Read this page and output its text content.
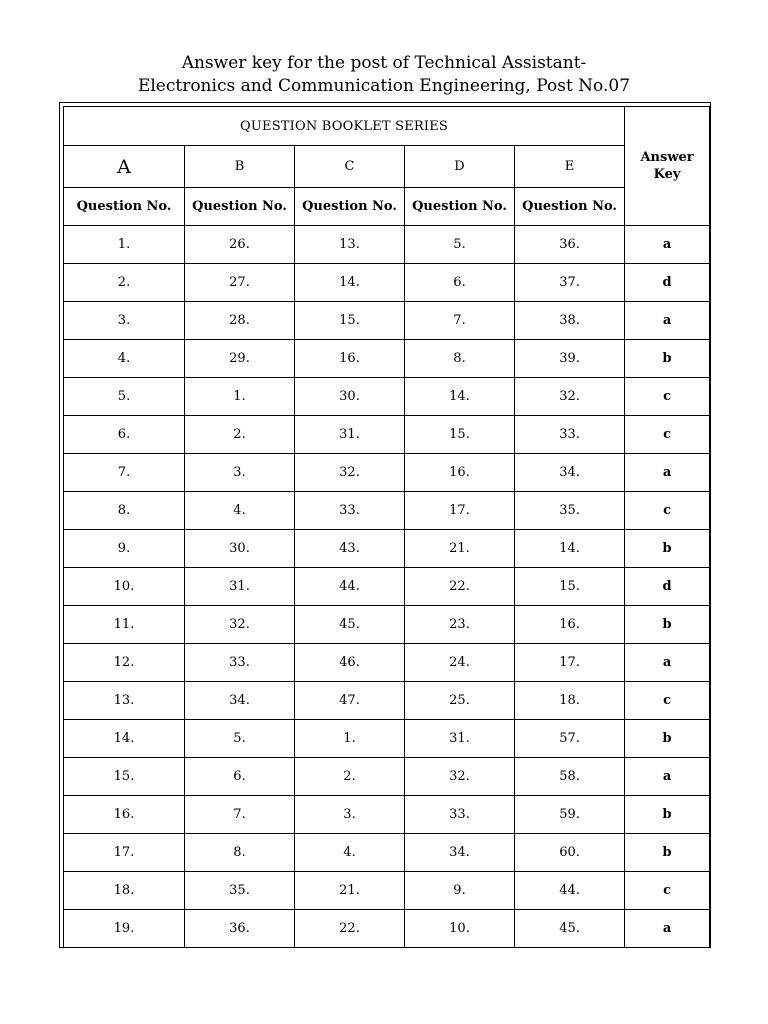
Answer key for the post of Technical Assistant-
Electronics and Communication Engineering, Post No.07
QUESTION BOOKLET SERIES					Answer
Key
A	B	C	D	E	
Question No.	Question No.	Question No.	Question No.	Question No.	
1.	26.	13.	5.	36.	a
2.	27.	14.	6.	37.	d
3.	28.	15.	7.	38.	a
4.	29.	16.	8.	39.	b
5.	1.	30.	14.	32.	c
6.	2.	31.	15.	33.	c
7.	3.	32.	16.	34.	a
8.	4.	33.	17.	35.	c
9.	30.	43.	21.	14.	b
10.	31.	44.	22.	15.	d
11.	32.	45.	23.	16.	b
12.	33.	46.	24.	17.	a
13.	34.	47.	25.	18.	c
14.	5.	1.	31.	57.	b
15.	6.	2.	32.	58.	a
16.	7.	3.	33.	59.	b
17.	8.	4.	34.	60.	b
18.	35.	21.	9.	44.	c
19.	36.	22.	10.	45.	a
